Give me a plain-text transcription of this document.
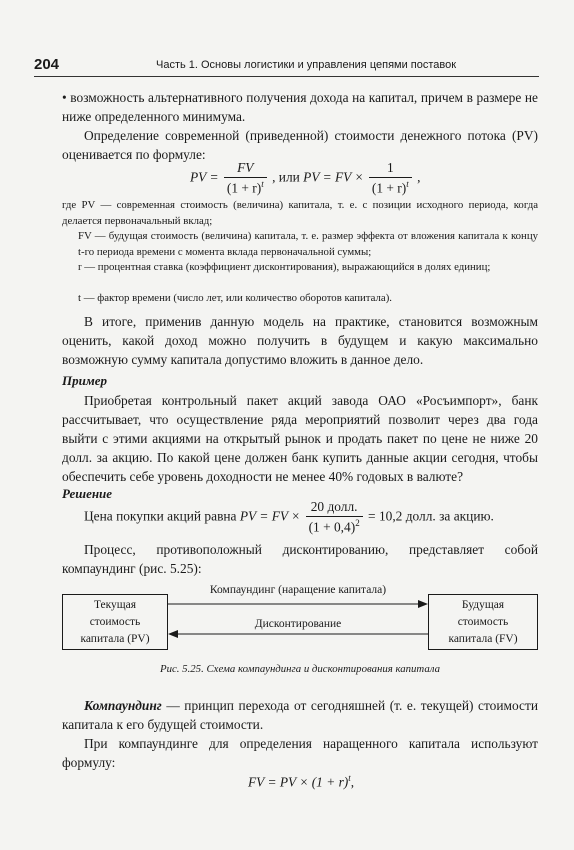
204	Часть 1. Основы логистики и управления цепями поставок
• возможность альтернативного получения дохода на капитал, причем в размере не ниже определенного минимума.
Определение современной (приведенной) стоимости денежного потока (PV) оценивается по формуле:
PV = $\frac{FV}{(1 + r)^t}$ , или PV = FV × $\frac{1}{(1 + r)^t}$ ,
где PV — современная стоимость (величина) капитала, т. е. с позиции исходного периода, когда делается первоначальный вклад;
FV — будущая стоимость (величина) капитала, т. е. размер эффекта от вложения капитала к концу t-го периода времени с момента вклада первоначальной суммы;
r — процентная ставка (коэффициент дисконтирования), выражающийся в долях единиц;
t — фактор времени (число лет, или количество оборотов капитала).
В итоге, применив данную модель на практике, становится возможным оценить, какой доход можно получить в будущем и какую максимально возможную сумму капитала допустимо вложить в данное дело.
Пример
Приобретая контрольный пакет акций завода ОАО «Росъимпорт», банк рассчитывает, что осуществление ряда мероприятий позволит через два года выйти с этими акциями на открытый рынок и продать пакет по цене не ниже 20 долл. за акцию. По какой цене должен банк купить данные акции сегодня, чтобы обеспечить себе уровень доходности не менее 40% годовых в валюте?
Решение
Цена покупки акций равна PV = FV × $\frac{\text{20 долл.}}{(1 + 0,4)^2} = 10,2$ долл. за акцию.
Процесс, противоположный дисконтированию, представляет собой компаундинг (рис. 5.25):
Текущая
стоимость
капитала (PV)
Будущая
стоимость
капитала (FV)
Компаундинг (наращение капитала)
Дисконтирование
Рис. 5.25. Схема компаундинга и дисконтирования капитала
Компаундинг — принцип перехода от сегодняшней (т. е. текущей) стоимости капитала к его будущей стоимости.
При компаундинге для определения наращенного капитала используют формулу:
FV = PV × $(1 + r)^t$,
